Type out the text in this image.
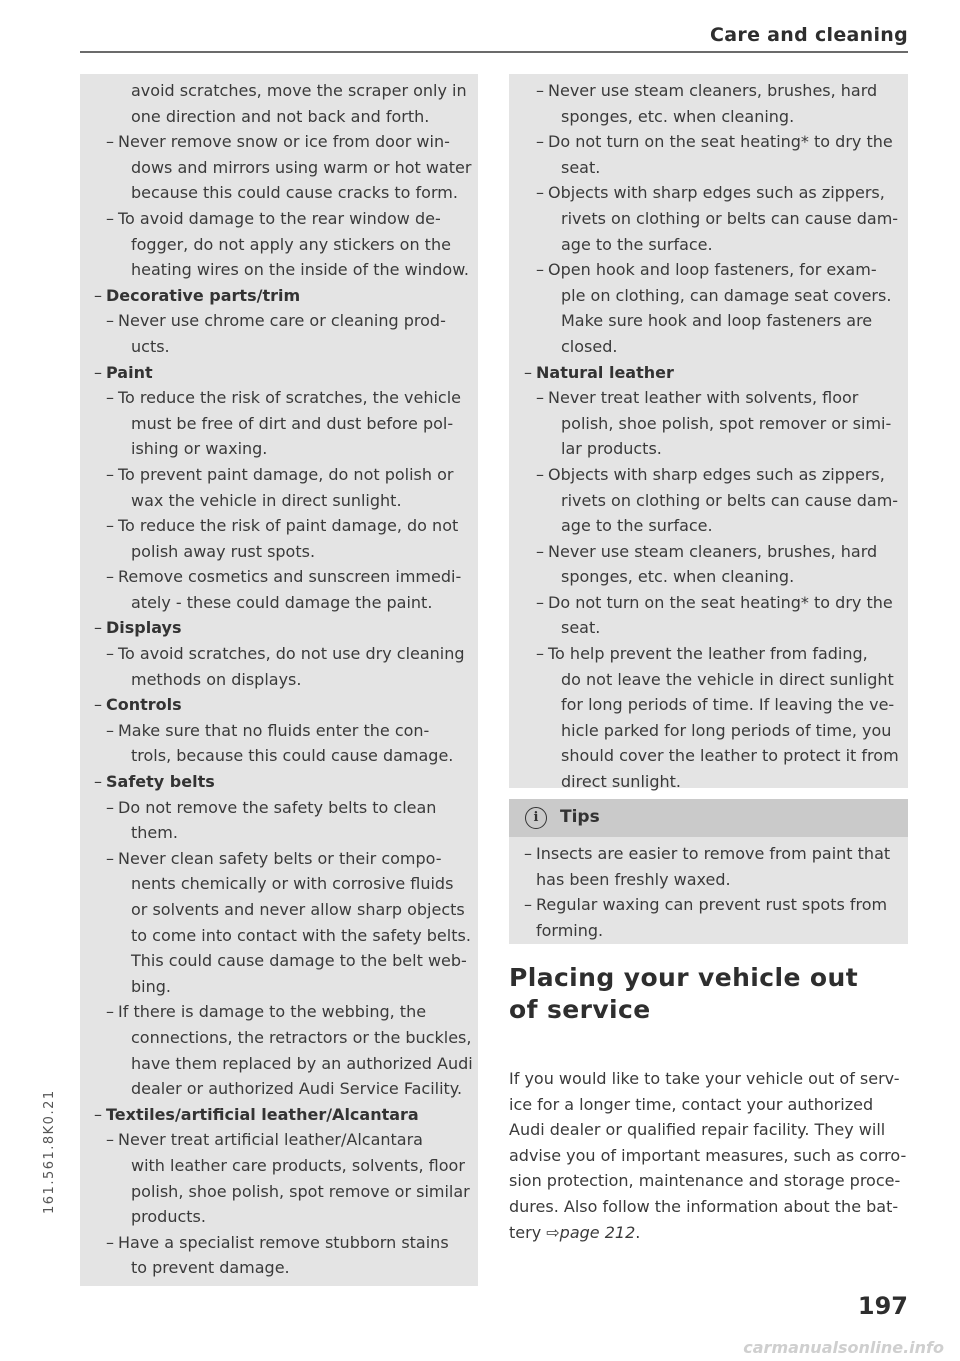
Care and cleaning
avoid scratches, move the scraper only in
one direction and not back and forth.
– Never remove snow or ice from door win-
dows and mirrors using warm or hot water
because this could cause cracks to form.
– To avoid damage to the rear window de-
fogger, do not apply any stickers on the
heating wires on the inside of the window.
– Decorative parts/trim
– Never use chrome care or cleaning prod-
ucts.
– Paint
– To reduce the risk of scratches, the vehicle
must be free of dirt and dust before pol-
ishing or waxing.
– To prevent paint damage, do not polish or
wax the vehicle in direct sunlight.
– To reduce the risk of paint damage, do not
polish away rust spots.
– Remove cosmetics and sunscreen immedi-
ately - these could damage the paint.
– Displays
– To avoid scratches, do not use dry cleaning
methods on displays.
– Controls
– Make sure that no fluids enter the con-
trols, because this could cause damage.
– Safety belts
– Do not remove the safety belts to clean
them.
– Never clean safety belts or their compo-
nents chemically or with corrosive fluids
or solvents and never allow sharp objects
to come into contact with the safety belts.
This could cause damage to the belt web-
bing.
– If there is damage to the webbing, the
connections, the retractors or the buckles,
have them replaced by an authorized Audi
dealer or authorized Audi Service Facility.
– Textiles/artificial leather/Alcantara
– Never treat artificial leather/Alcantara
with leather care products, solvents, floor
polish, shoe polish, spot remove or similar
products.
– Have a specialist remove stubborn stains
to prevent damage.
– Never use steam cleaners, brushes, hard
sponges, etc. when cleaning.
– Do not turn on the seat heating* to dry the
seat.
– Objects with sharp edges such as zippers,
rivets on clothing or belts can cause dam-
age to the surface.
– Open hook and loop fasteners, for exam-
ple on clothing, can damage seat covers.
Make sure hook and loop fasteners are
closed.
– Natural leather
– Never treat leather with solvents, floor
polish, shoe polish, spot remover or simi-
lar products.
– Objects with sharp edges such as zippers,
rivets on clothing or belts can cause dam-
age to the surface.
– Never use steam cleaners, brushes, hard
sponges, etc. when cleaning.
– Do not turn on the seat heating* to dry the
seat.
– To help prevent the leather from fading,
do not leave the vehicle in direct sunlight
for long periods of time. If leaving the ve-
hicle parked for long periods of time, you
should cover the leather to protect it from
direct sunlight.
i	Tips
– Insects are easier to remove from paint that
has been freshly waxed.
– Regular waxing can prevent rust spots from
forming.
Placing your vehicle out
of service
If you would like to take your vehicle out of serv-
ice for a longer time, contact your authorized
Audi dealer or qualified repair facility. They will
advise you of important measures, such as corro-
sion protection, maintenance and storage proce-
dures. Also follow the information about the bat-
tery ⇨page 212.
197
161.561.8K0.21
carmanualsonline.info
